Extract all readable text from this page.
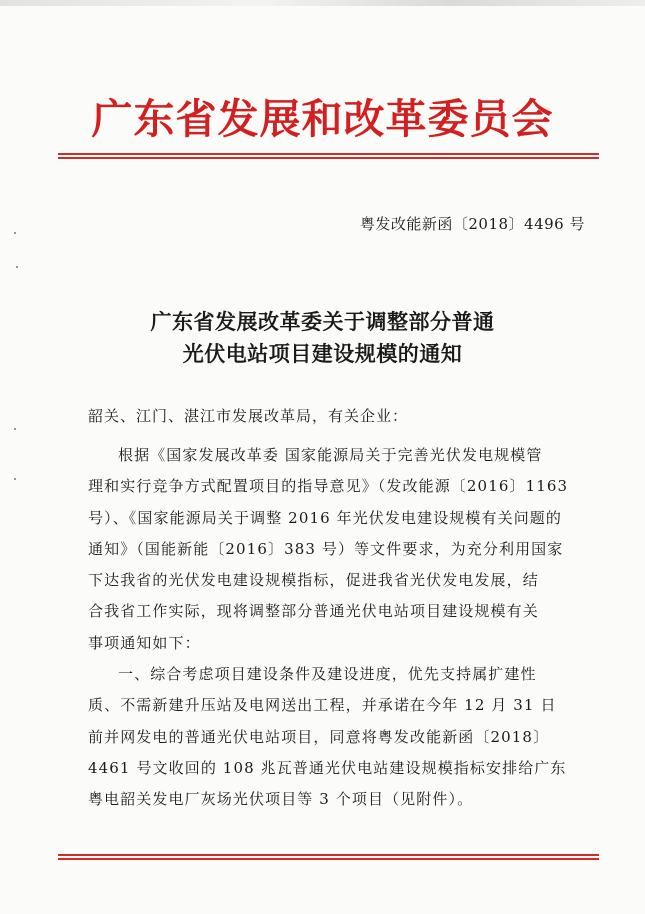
广东省发展和改革委员会
粤发改能新函〔2018〕4496 号
广东省发展改革委关于调整部分普通
光伏电站项目建设规模的通知
韶关、江门、湛江市发展改革局，有关企业：
根据《国家发展改革委 国家能源局关于完善光伏发电规模管
理和实行竞争方式配置项目的指导意见》（发改能源〔2016〕1163
号）、《国家能源局关于调整 2016 年光伏发电建设规模有关问题的
通知》（国能新能〔2016〕383 号）等文件要求，为充分利用国家
下达我省的光伏发电建设规模指标，促进我省光伏发电发展，结
合我省工作实际，现将调整部分普通光伏电站项目建设规模有关
事项通知如下：
一、综合考虑项目建设条件及建设进度，优先支持属扩建性
质、不需新建升压站及电网送出工程，并承诺在今年 12 月 31 日
前并网发电的普通光伏电站项目，同意将粤发改能新函〔2018〕
4461 号文收回的 108 兆瓦普通光伏电站建设规模指标安排给广东
粤电韶关发电厂灰场光伏项目等 3 个项目（见附件）。
